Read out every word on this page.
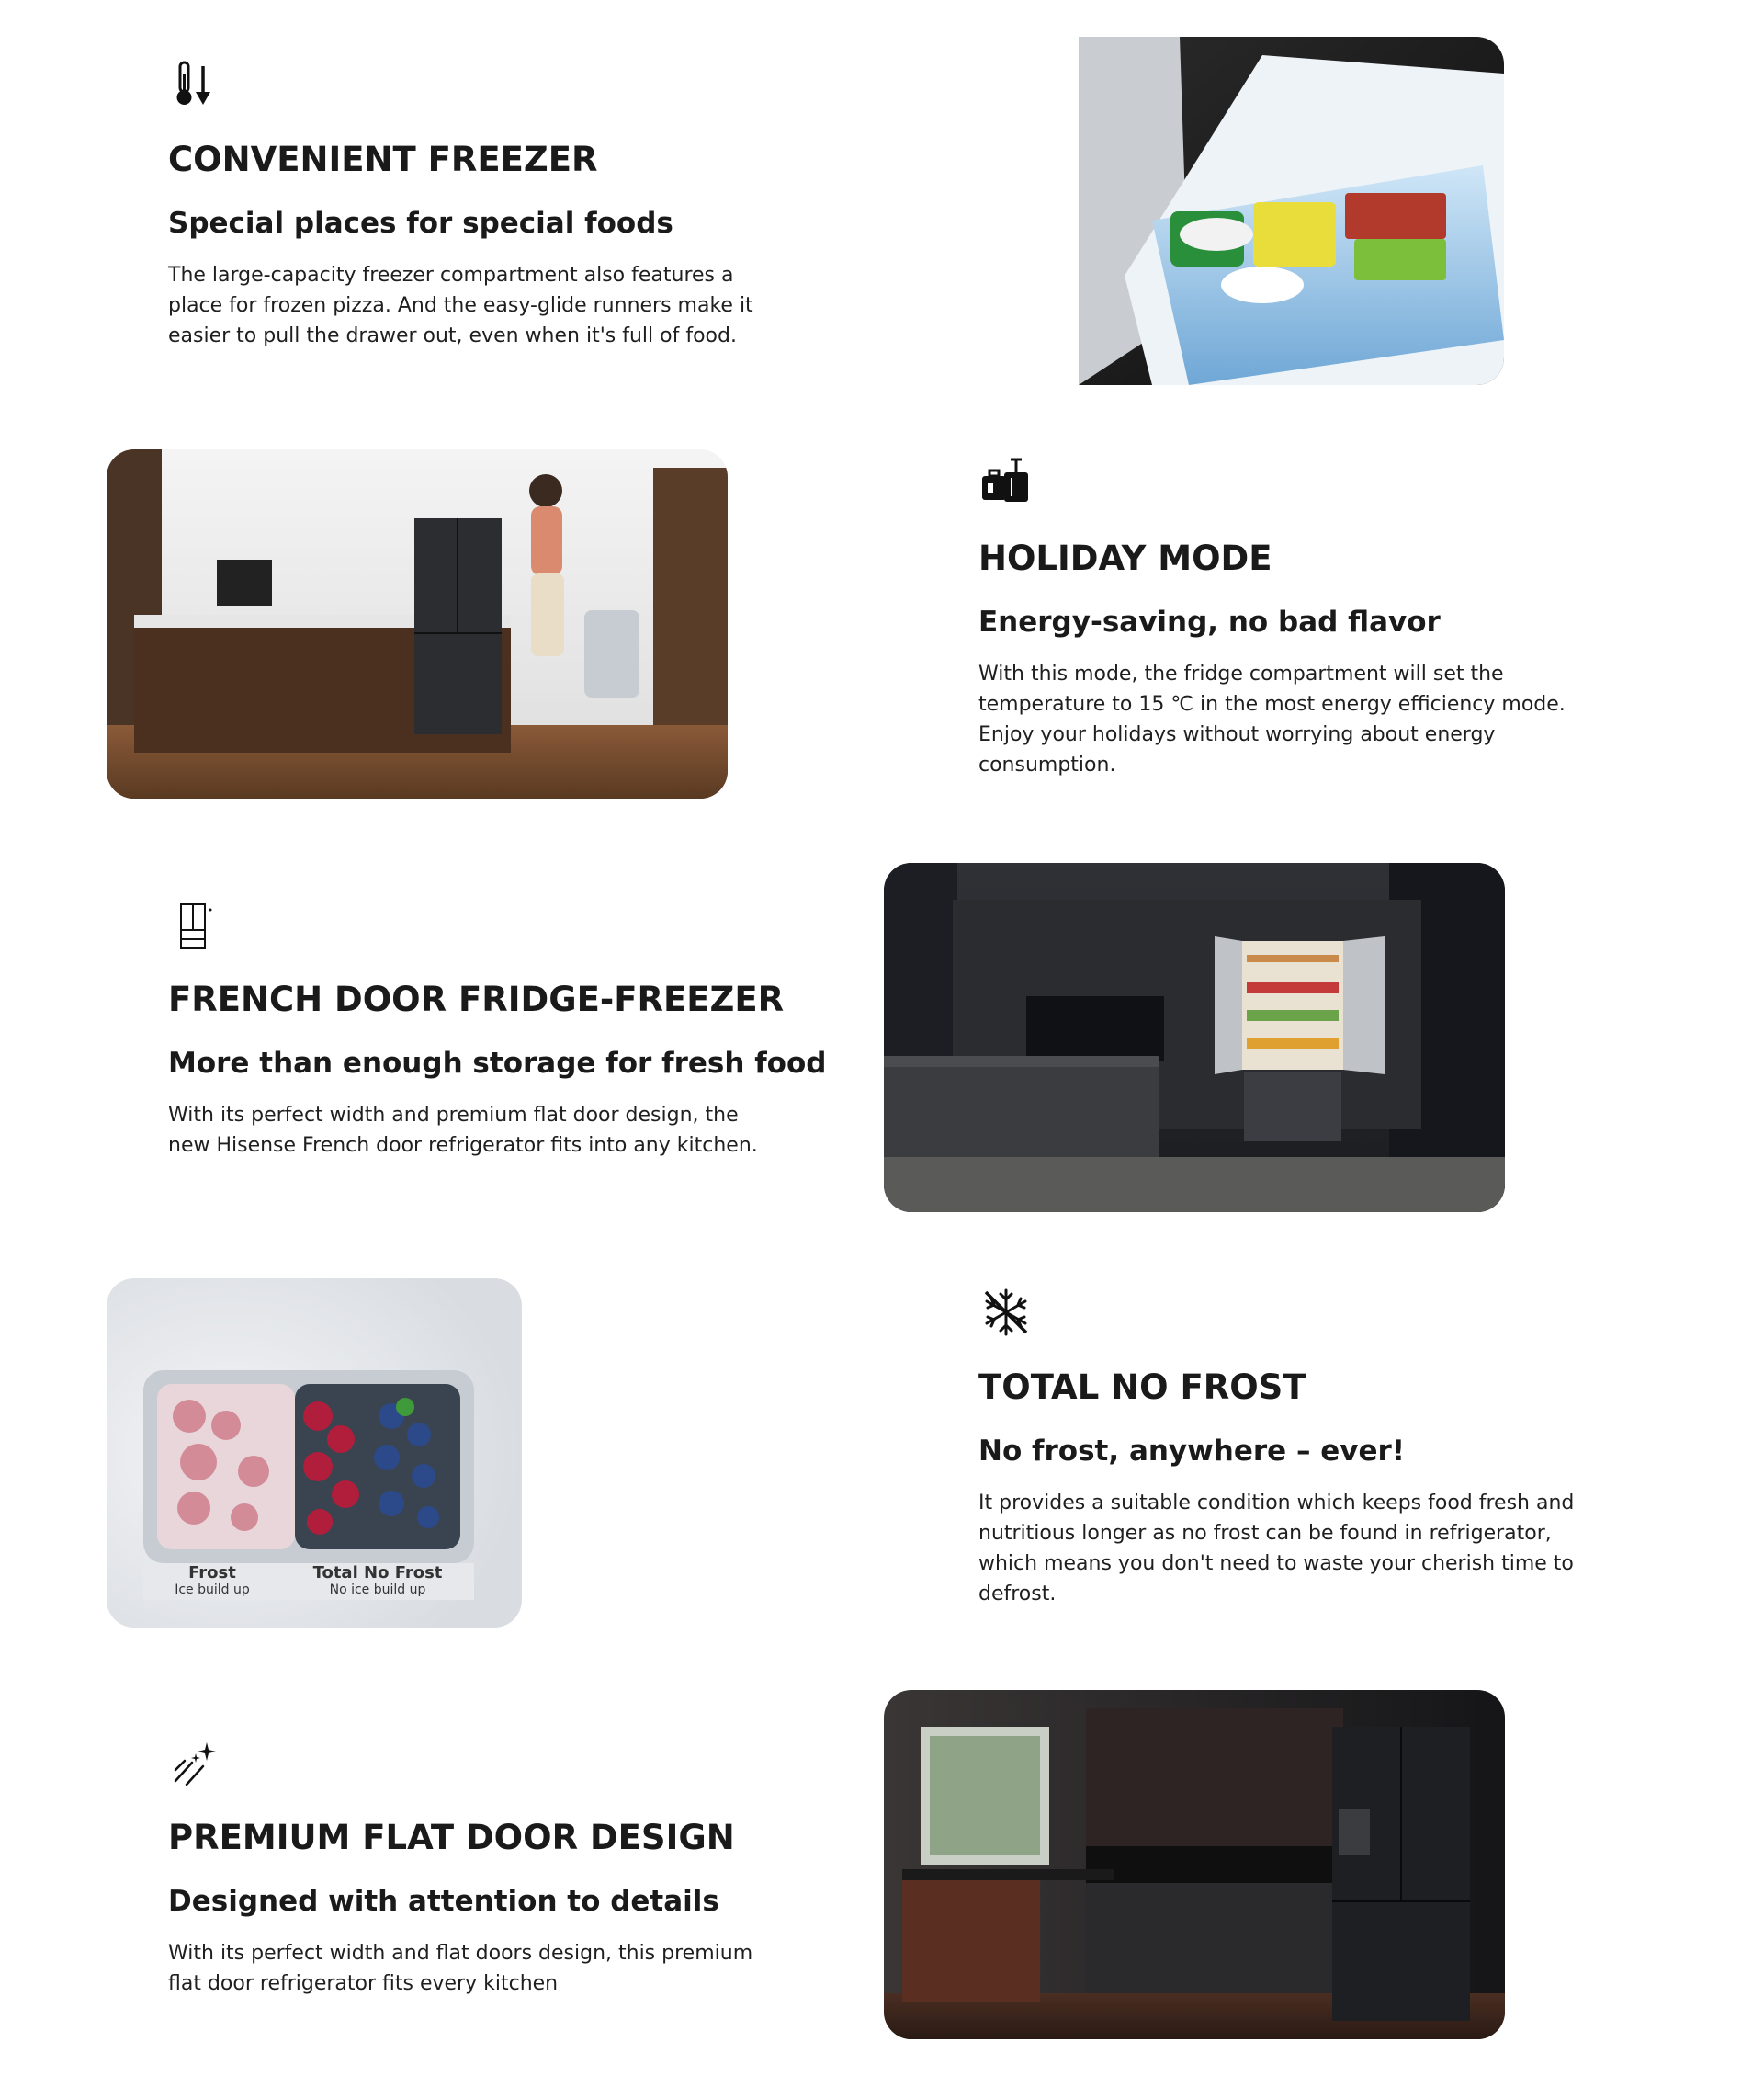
CONVENIENT FREEZER
Special places for special foods

The large-capacity freezer compartment also features a place for frozen pizza. And the easy-glide runners make it easier to pull the drawer out, even when it's full of food.

HOLIDAY MODE
Energy-saving, no bad flavor

With this mode, the fridge compartment will set the temperature to 15 ℃ in the most energy efficiency mode. Enjoy your holidays without worrying about energy consumption.

FRENCH DOOR FRIDGE-FREEZER
More than enough storage for fresh food

With its perfect width and premium flat door design, the new Hisense French door refrigerator fits into any kitchen.

Frost
Ice build up
Total No Frost
No ice build up
TOTAL NO FROST
No frost, anywhere – ever!

It provides a suitable condition which keeps food fresh and nutritious longer as no frost can be found in refrigerator, which means you don't need to waste your cherish time to defrost.

PREMIUM FLAT DOOR DESIGN
Designed with attention to details

With its perfect width and flat doors design, this premium flat door refrigerator fits every kitchen
